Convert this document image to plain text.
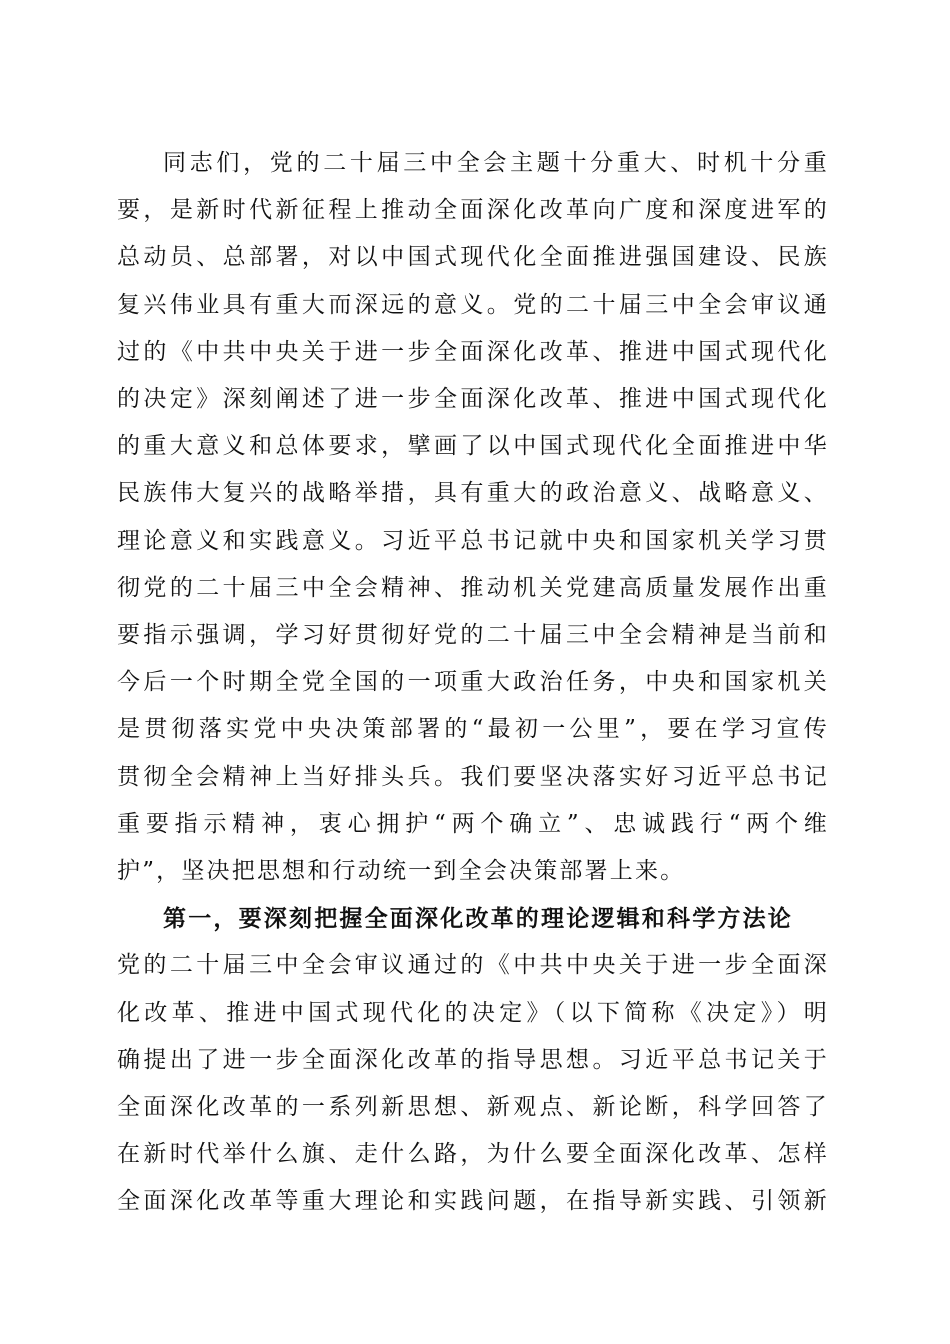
同志们，党的二十届三中全会主题十分重大、时机十分重
要，是新时代新征程上推动全面深化改革向广度和深度进军的
总动员、总部署，对以中国式现代化全面推进强国建设、民族
复兴伟业具有重大而深远的意义。党的二十届三中全会审议通
过的《中共中央关于进一步全面深化改革、推进中国式现代化
的决定》深刻阐述了进一步全面深化改革、推进中国式现代化
的重大意义和总体要求，擘画了以中国式现代化全面推进中华
民族伟大复兴的战略举措，具有重大的政治意义、战略意义、
理论意义和实践意义。习近平总书记就中央和国家机关学习贯
彻党的二十届三中全会精神、推动机关党建高质量发展作出重
要指示强调，学习好贯彻好党的二十届三中全会精神是当前和
今后一个时期全党全国的一项重大政治任务，中央和国家机关
是贯彻落实党中央决策部署的“最初一公里”，要在学习宣传
贯彻全会精神上当好排头兵。我们要坚决落实好习近平总书记
重要指示精神，衷心拥护“两个确立”、忠诚践行“两个维
护”，坚决把思想和行动统一到全会决策部署上来。
第一，要深刻把握全面深化改革的理论逻辑和科学方法论
党的二十届三中全会审议通过的《中共中央关于进一步全面深
化改革、推进中国式现代化的决定》（以下简称《决定》）明
确提出了进一步全面深化改革的指导思想。习近平总书记关于
全面深化改革的一系列新思想、新观点、新论断，科学回答了
在新时代举什么旗、走什么路，为什么要全面深化改革、怎样
全面深化改革等重大理论和实践问题，在指导新实践、引领新
